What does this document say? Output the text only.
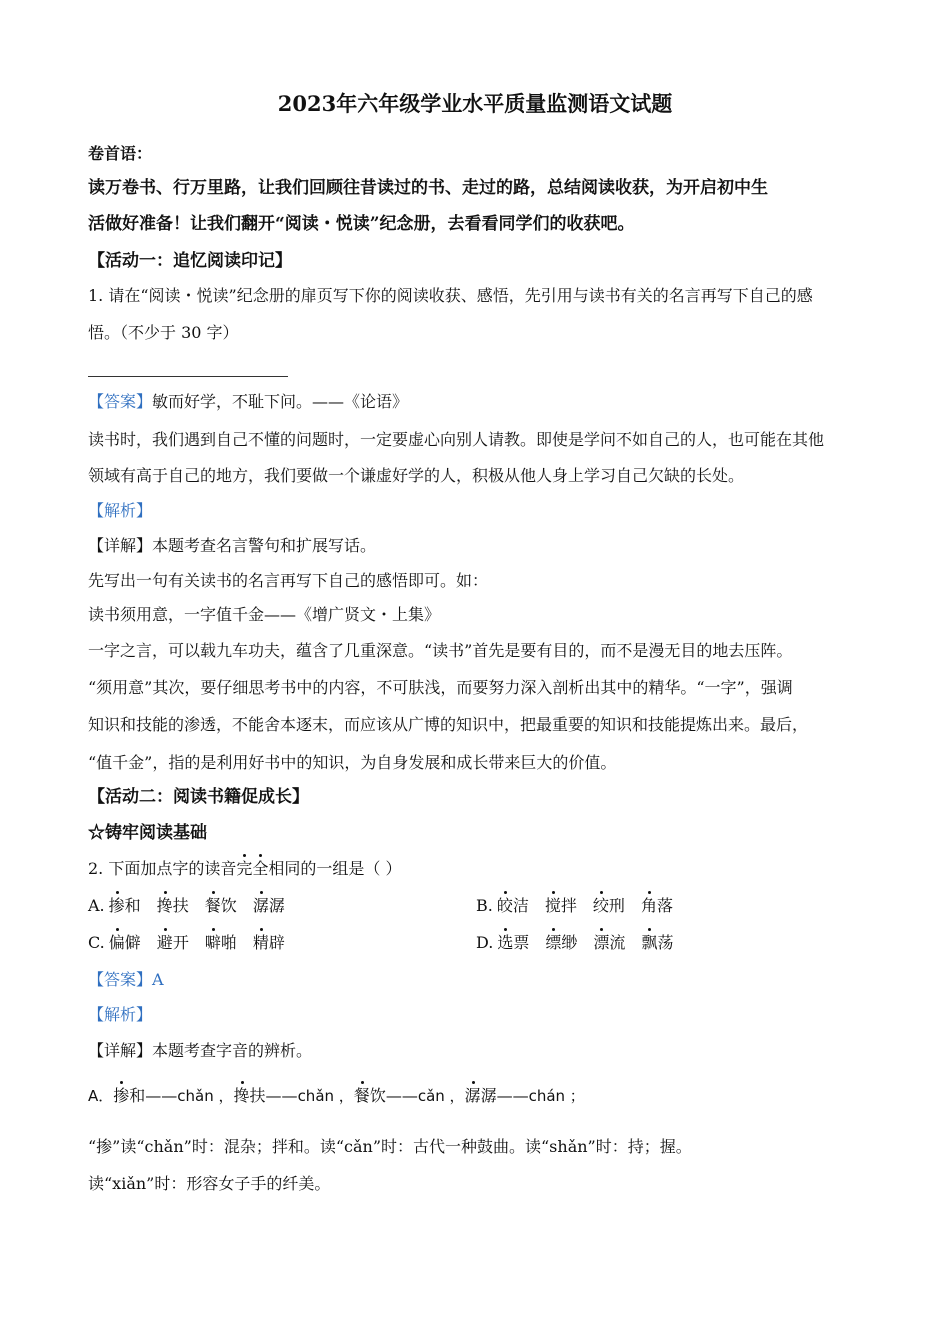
2023年六年级学业水平质量监测语文试题
卷首语：
读万卷书、行万里路，让我们回顾往昔读过的书、走过的路，总结阅读收获，为开启初中生
活做好准备！让我们翻开“阅读・悦读”纪念册，去看看同学们的收获吧。
【活动一：追忆阅读印记】
1. 请在“阅读・悦读”纪念册的扉页写下你的阅读收获、感悟，先引用与读书有关的名言再写下自己的感
悟。（不少于 30 字）
【答案】敏而好学，不耻下问。——《论语》
读书时，我们遇到自己不懂的问题时，一定要虚心向别人请教。即使是学问不如自己的人，也可能在其他
领域有高于自己的地方，我们要做一个谦虚好学的人，积极从他人身上学习自己欠缺的长处。
【解析】
【详解】本题考查名言警句和扩展写话。
先写出一句有关读书的名言再写下自己的感悟即可。如：
读书须用意，一字值千金——《增广贤文・上集》
一字之言，可以载九车功夫，蕴含了几重深意。“读书”首先是要有目的，而不是漫无目的地去压阵。
“须用意”其次，要仔细思考书中的内容，不可肤浅，而要努力深入剖析出其中的精华。“一字”，强调
知识和技能的渗透，不能舍本逐末，而应该从广博的知识中，把最重要的知识和技能提炼出来。最后，
“值千金”，指的是利用好书中的知识，为自身发展和成长带来巨大的价值。
【活动二：阅读书籍促成长】
☆铸牢阅读基础
2. 下面加点字的读音完全相同的一组是（ ）
A. 掺和 搀扶 餐饮 潺潺	B. 皎洁 搅拌 绞刑 角落
C. 偏僻 避开 噼啪 精辟	D. 选票 缥缈 漂流 飘荡
【答案】A
【解析】
【详解】本题考查字音的辨析。
A．掺和——chǎn ，搀扶——chǎn ，餐饮——cǎn ，潺潺——chán ；
“掺”读“chǎn”时：混杂；拌和。读“cǎn”时：古代一种鼓曲。读“shǎn”时：持；握。
读“xiǎn”时：形容女子手的纤美。
